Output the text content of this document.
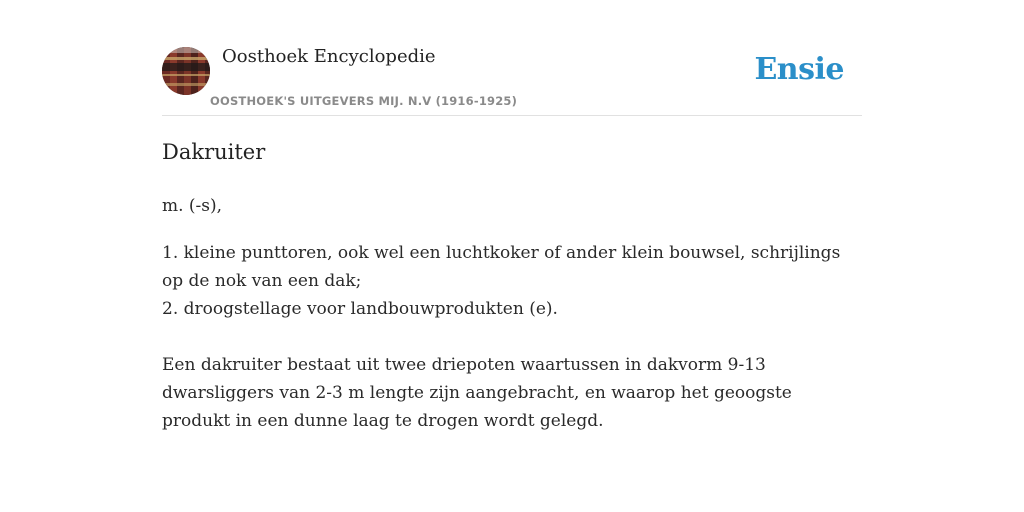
Oosthoek Encyclopedie
OOSTHOEK'S UITGEVERS MIJ. N.V (1916-1925)
Ensie
Dakruiter
m. (-s),
1. kleine punttoren, ook wel een luchtkoker of ander klein bouwsel, schrijlings op de nok van een dak;
2. droogstellage voor landbouwprodukten (e).
Een dakruiter bestaat uit twee driepoten waartussen in dakvorm 9-13 dwarsliggers van 2-3 m lengte zijn aangebracht, en waarop het geoogste produkt in een dunne laag te drogen wordt gelegd.
